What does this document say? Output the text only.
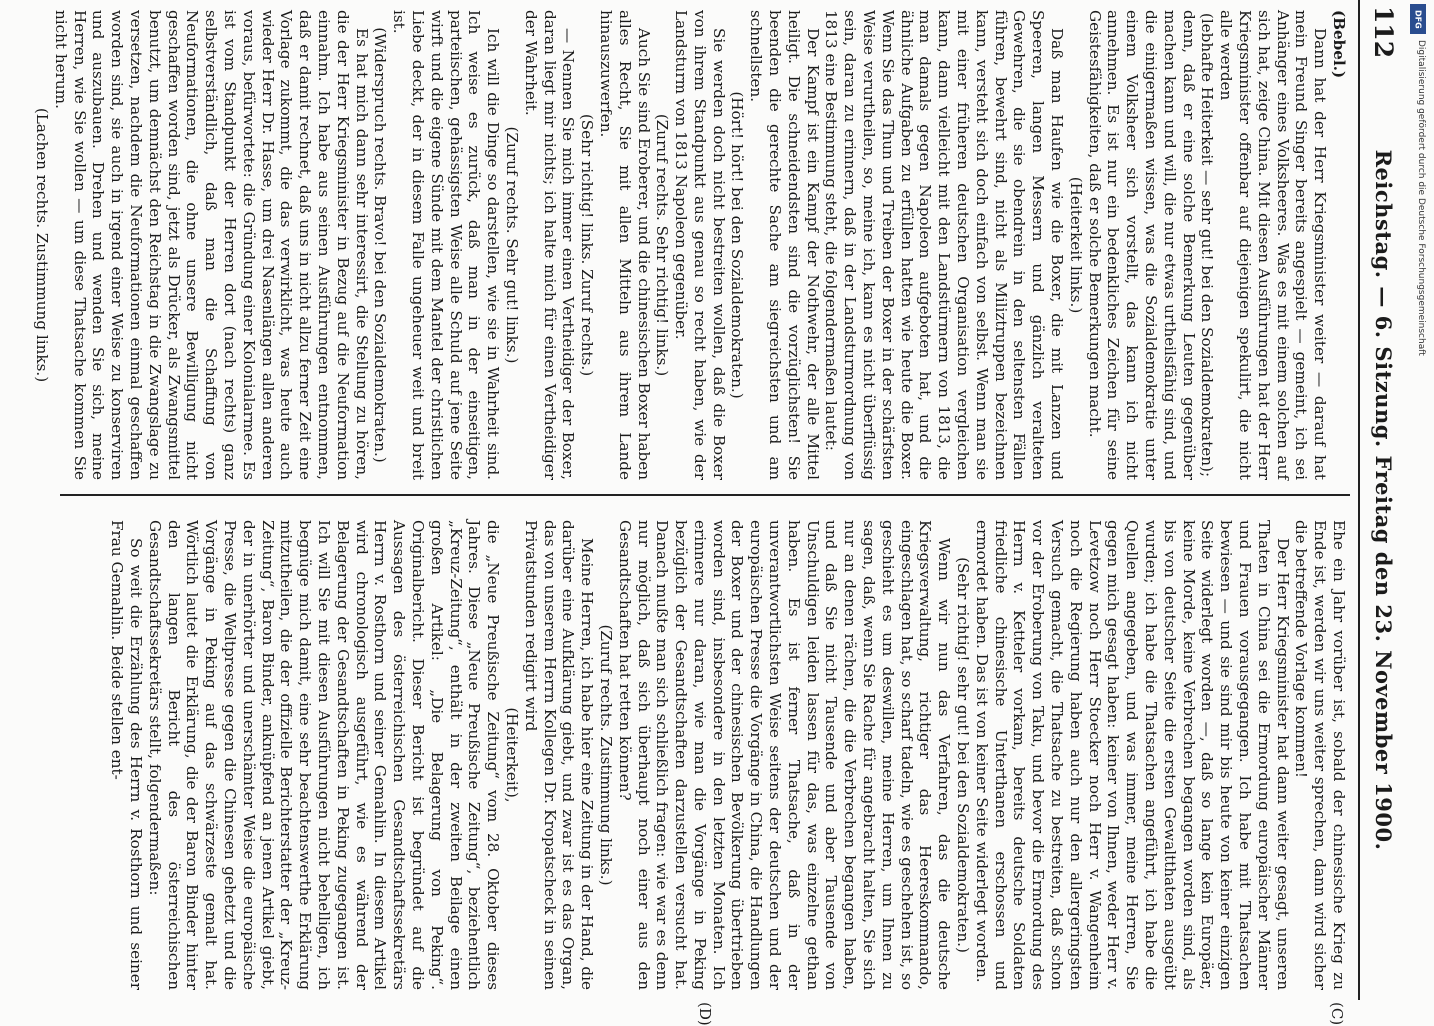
112
Reichstag. — 6. Sitzung. Freitag den 23. November 1900.
(C)
(D)

(Bebel.)

Dann hat der Herr Kriegsminister weiter — darauf hat mein Freund Singer bereits angespielt — gemeint, ich sei Anhänger eines Volksheeres. Was es mit einem solchen auf sich hat, zeige China. Mit diesen Ausführungen hat der Herr Kriegsminister offenbar auf diejenigen spekulirt, die nicht alle werden

(lebhafte Heiterkeit — sehr gut! bei den Sozialdemokraten);

denn, daß er eine solche Bemerkung Leuten gegenüber machen kann und will, die nur etwas urtheilsfähig sind, und die einigermaßen wissen, was die Sozialdemokratie unter einem Volksheer sich vorstellt, das kann ich nicht annehmen. Es ist nur ein bedenkliches Zeichen für seine Geistesfähigkeiten, daß er solche Bemerkungen macht.

(Heiterkeit links.)

Daß man Haufen wie die Boxer, die mit Lanzen und Speeren, langen Messern und gänzlich veralteten Gewehren, die sie obendrein in den seltensten Fällen führen, bewehrt sind, nicht als Miliztruppen bezeichnen kann, versteht sich doch einfach von selbst. Wenn man sie mit einer früheren deutschen Organisation vergleichen kann, dann vielleicht mit den Landstürmern von 1813, die man damals gegen Napoleon aufgeboten hat, und die ähnliche Aufgaben zu erfüllen hatten wie heute die Boxer. Wenn Sie das Thun und Treiben der Boxer in der schärfsten Weise verurtheilen, so, meine ich, kann es nicht überflüssig sein, daran zu erinnern, daß in der Landsturmordnung von 1813 eine Bestimmung steht, die folgendermaßen lautet:

Der Kampf ist ein Kampf der Nothwehr, der alle Mittel heiligt. Die schneidendsten sind die vorzüglichsten! Sie beenden die gerechte Sache am siegreichsten und am schnellsten.

(Hört! hört! bei den Sozialdemokraten.)

Sie werden doch nicht bestreiten wollen, daß die Boxer von ihrem Standpunkt aus genau so recht haben, wie der Landsturm von 1813 Napoleon gegenüber.

(Zuruf rechts. Sehr richtig! links.)

Auch Sie sind Eroberer, und die chinesischen Boxer haben alles Recht, Sie mit allen Mitteln aus ihrem Lande hinauszuwerfen.

(Sehr richtig! links. Zuruf rechts.)

— Nennen Sie mich immer einen Vertheidiger der Boxer, daran liegt mir nichts; ich halte mich für einen Vertheidiger der Wahrheit.

(Zuruf rechts. Sehr gut! links.)

Ich will die Dinge so darstellen, wie sie in Wahrheit sind. Ich weise es zurück, daß man in der einseitigen, parteiischen, gehässigsten Weise alle Schuld auf jene Seite wirft und die eigene Sünde mit dem Mantel der christlichen Liebe deckt, der in diesem Falle ungeheuer weit und breit ist.

(Widerspruch rechts. Bravo! bei den Sozialdemokraten.)

Es hat mich dann sehr interessirt, die Stellung zu hören, die der Herr Kriegsminister in Bezug auf die Neuformation einnahm. Ich habe aus seinen Ausführungen entnommen, daß er damit rechnet, daß uns in nicht allzu ferner Zeit eine Vorlage zukommt, die das verwirklicht, was heute auch wieder Herr Dr. Hasse, um drei Nasenlängen allen anderen voraus, befürwortete: die Gründung einer Kolonialarmee. Es ist vom Standpunkt der Herren dort (nach rechts) ganz selbstverständlich, daß man die Schaffung von Neuformationen, die ohne unsere Bewilligung nicht geschaffen worden sind, jetzt als Drücker, als Zwangsmittel benutzt, um demnächst den Reichstag in die Zwangslage zu versetzen, nachdem die Neuformationen einmal geschaffen worden sind, sie auch in irgend einer Weise zu konserviren und auszubauen. Drehen und wenden Sie sich, meine Herren, wie Sie wollen — um diese Thatsache kommen Sie nicht herum.

(Lachen rechts. Zustimmung links.)

Ehe ein Jahr vorüber ist, sobald der chinesische Krieg zu Ende ist, werden wir uns weiter sprechen, dann wird sicher die betreffende Vorlage kommen!

Der Herr Kriegsminister hat dann weiter gesagt, unseren Thaten in China sei die Ermordung europäischer Männer und Frauen vorausgegangen. Ich habe mit Thatsachen bewiesen — und sie sind mir bis heute von keiner einzigen Seite widerlegt worden —, daß so lange kein Europäer, keine Morde, keine Verbrechen begangen worden sind, als bis von deutscher Seite die ersten Gewaltthaten ausgeübt wurden; ich habe die Thatsachen angeführt, ich habe die Quellen angegeben, und was immer, meine Herren, Sie gegen mich gesagt haben: keiner von Ihnen, weder Herr v. Levetzow noch Herr Stoecker noch Herr v. Wangenheim noch die Regierung haben auch nur den allergeringsten Versuch gemacht, die Thatsache zu bestreiten, daß schon vor der Eroberung von Taku, und bevor die Ermordung des Herrn v. Ketteler vorkam, bereits deutsche Soldaten friedliche chinesische Unterthanen erschossen und ermordet haben. Das ist von keiner Seite widerlegt worden.

(Sehr richtig! sehr gut! bei den Sozialdemokraten.)

Wenn wir nun das Verfahren, das die deutsche Kriegsverwaltung, richtiger das Heereskommando, eingeschlagen hat, so scharf tadeln, wie es geschehen ist, so geschieht es um deswillen, meine Herren, um Ihnen zu sagen, daß, wenn Sie Rache für angebracht halten, Sie sich nur an denen rächen, die die Verbrechen begangen haben, und daß Sie nicht Tausende und aber Tausende von Unschuldigen leiden lassen für das, was einzelne gethan haben. Es ist ferner Thatsache, daß in der unverantwortlichsten Weise seitens der deutschen und der europäischen Presse die Vorgänge in China, die Handlungen der Boxer und der chinesischen Bevölkerung übertrieben worden sind, insbesondere in den letzten Monaten. Ich erinnere nur daran, wie man die Vorgänge in Peking bezüglich der Gesandtschaften darzustellen versucht hat. Danach mußte man sich schließlich fragen: wie war es denn nur möglich, daß sich überhaupt noch einer aus den Gesandtschaften hat retten können?

(Zuruf rechts. Zustimmung links.)

Meine Herren, ich habe hier eine Zeitung in der Hand, die darüber eine Aufklärung giebt, und zwar ist es das Organ, das von unserem Herrn Kollegen Dr. Kropatscheck in seinen Privatstunden redigirt wird

(Heiterkeit),

die „Neue Preußische Zeitung“ vom 28. Oktober dieses Jahres. Diese „Neue Preußische Zeitung“, beziehentlich „Kreuz-Zeitung“, enthält in der zweiten Beilage einen großen Artikel: „Die Belagerung von Peking“. Originalbericht. Dieser Bericht ist begründet auf die Aussagen des österreichischen Gesandtschaftssekretärs Herrn v. Rosthorn und seiner Gemahlin. In diesem Artikel wird chronologisch ausgeführt, wie es während der Belagerung der Gesandtschaften in Peking zugegangen ist. Ich will Sie mit diesen Ausführungen nicht behelligen, ich begnüge mich damit, eine sehr beachtenswerthe Erklärung mitzutheilen, die der offizielle Berichterstatter der „Kreuz-Zeitung“, Baron Binder, anknüpfend an jenen Artikel giebt, der in unerhörter und unerschämter Weise die europäische Presse, die Weltpresse gegen die Chinesen gehetzt und die Vorgänge in Peking auf das schwärzeste gemalt hat. Wörtlich lautet die Erklärung, die der Baron Binder hinter den langen Bericht des österreichischen Gesandtschaftssekretärs stellt, folgendermaßen:

So weit die Erzählung des Herrn v. Rosthorn und seiner Frau Gemahlin. Beide stellen ent-

DFG
Digitalisierung gefördert durch die Deutsche Forschungsgemeinschaft
